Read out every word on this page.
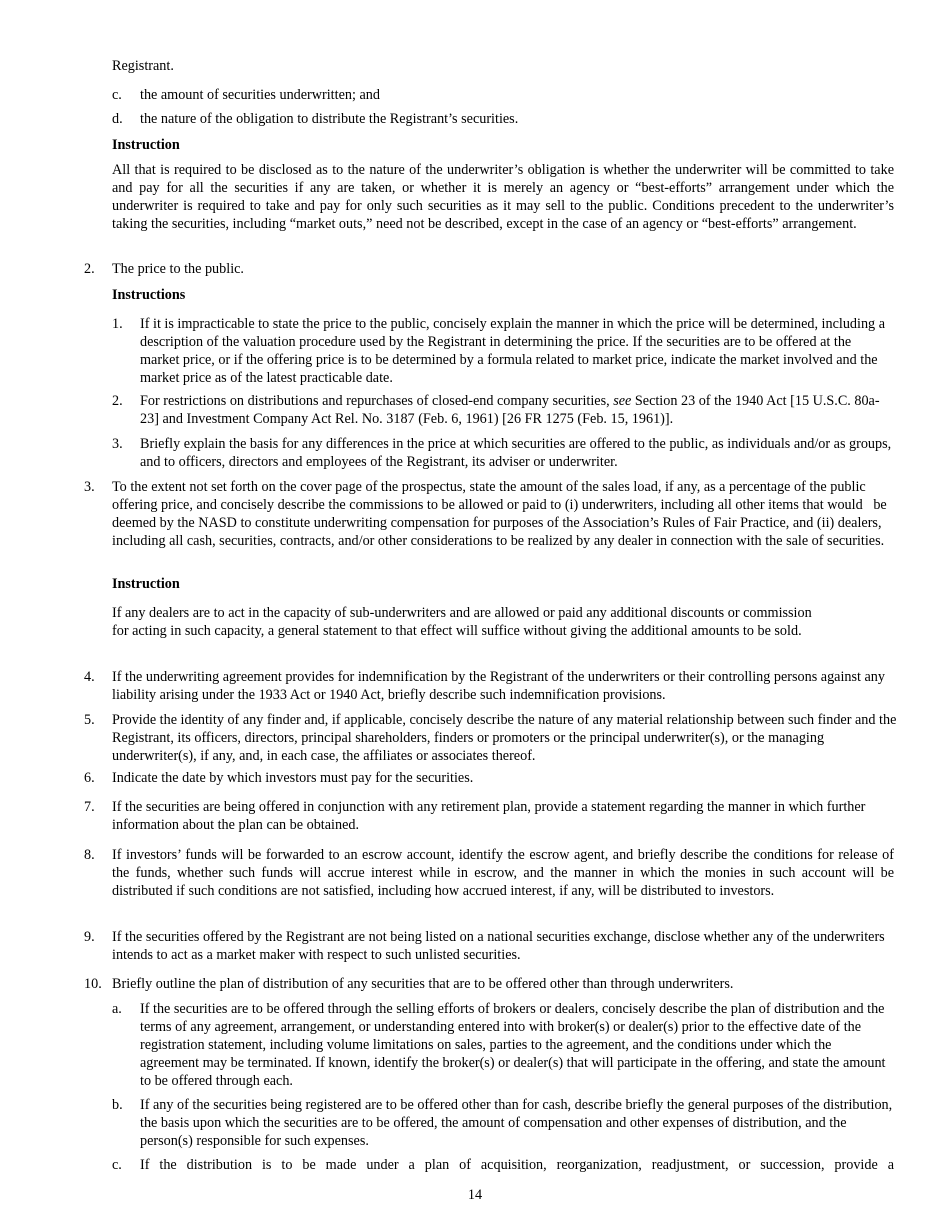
Registrant.
c.	the amount of securities underwritten; and
d.	the nature of the obligation to distribute the Registrant’s securities.
Instruction
All that is required to be disclosed as to the nature of the underwriter’s obligation is whether the underwriter will be committed to take and pay for all the securities if any are taken, or whether it is merely an agency or “best-efforts” arrangement under which the underwriter is required to take and pay for only such securities as it may sell to the public. Conditions precedent to the underwriter’s taking the securities, including “market outs,” need not be described, except in the case of an agency or “best-efforts” arrangement.
2.	The price to the public.
Instructions
1.	If it is impracticable to state the price to the public, concisely explain the manner in which the price will be determined, including a description of the valuation procedure used by the Registrant in determining the price. If the securities are to be offered at the market price, or if the offering price is to be determined by a formula related to market price, indicate the market involved and the market price as of the latest practicable date.
2.	For restrictions on distributions and repurchases of closed-end company securities, see Section 23 of the 1940 Act [15 U.S.C. 80a-23] and Investment Company Act Rel. No. 3187 (Feb. 6, 1961) [26 FR 1275 (Feb. 15, 1961)].
3.	Briefly explain the basis for any differences in the price at which securities are offered to the public, as individuals and/or as groups, and to officers, directors and employees of the Registrant, its adviser or underwriter.
3.	To the extent not set forth on the cover page of the prospectus, state the amount of the sales load, if any, as a percentage of the public offering price, and concisely describe the commissions to be allowed or paid to (i) underwriters, including all other items that would   be deemed by the NASD to constitute underwriting compensation for purposes of the Association’s Rules of Fair Practice, and (ii) dealers, including all cash, securities, contracts, and/or other considerations to be realized by any dealer in connection with the sale of securities.
Instruction
If any dealers are to act in the capacity of sub-underwriters and are allowed or paid any additional discounts or commission for acting in such capacity, a general statement to that effect will suffice without giving the additional amounts to be sold.
4.	If the underwriting agreement provides for indemnification by the Registrant of the underwriters or their controlling persons against any liability arising under the 1933 Act or 1940 Act, briefly describe such indemnification provisions.
5.	Provide the identity of any finder and, if applicable, concisely describe the nature of any material relationship between such finder and the Registrant, its officers, directors, principal shareholders, finders or promoters or the principal underwriter(s), or the managing underwriter(s), if any, and, in each case, the affiliates or associates thereof.
6.	Indicate the date by which investors must pay for the securities.
7.	If the securities are being offered in conjunction with any retirement plan, provide a statement regarding the manner in which further information about the plan can be obtained.
8.	If investors’ funds will be forwarded to an escrow account, identify the escrow agent, and briefly describe the conditions for release of the funds, whether such funds will accrue interest while in escrow, and the manner in which the monies in such account will be distributed if such conditions are not satisfied, including how accrued interest, if any, will be distributed to investors.
9.	If the securities offered by the Registrant are not being listed on a national securities exchange, disclose whether any of the underwriters intends to act as a market maker with respect to such unlisted securities.
10. Briefly outline the plan of distribution of any securities that are to be offered other than through underwriters.
a.	If the securities are to be offered through the selling efforts of brokers or dealers, concisely describe the plan of distribution and the terms of any agreement, arrangement, or understanding entered into with broker(s) or dealer(s) prior to the effective date of the registration statement, including volume limitations on sales, parties to the agreement, and the conditions under which the agreement may be terminated. If known, identify the broker(s) or dealer(s) that will participate in the offering, and state the amount to be offered through each.
b.	If any of the securities being registered are to be offered other than for cash, describe briefly the general purposes of the distribution, the basis upon which the securities are to be offered, the amount of compensation and other expenses of distribution, and the person(s) responsible for such expenses.
c.	If the distribution is to be made under a plan of acquisition, reorganization, readjustment, or succession, provide a
14
